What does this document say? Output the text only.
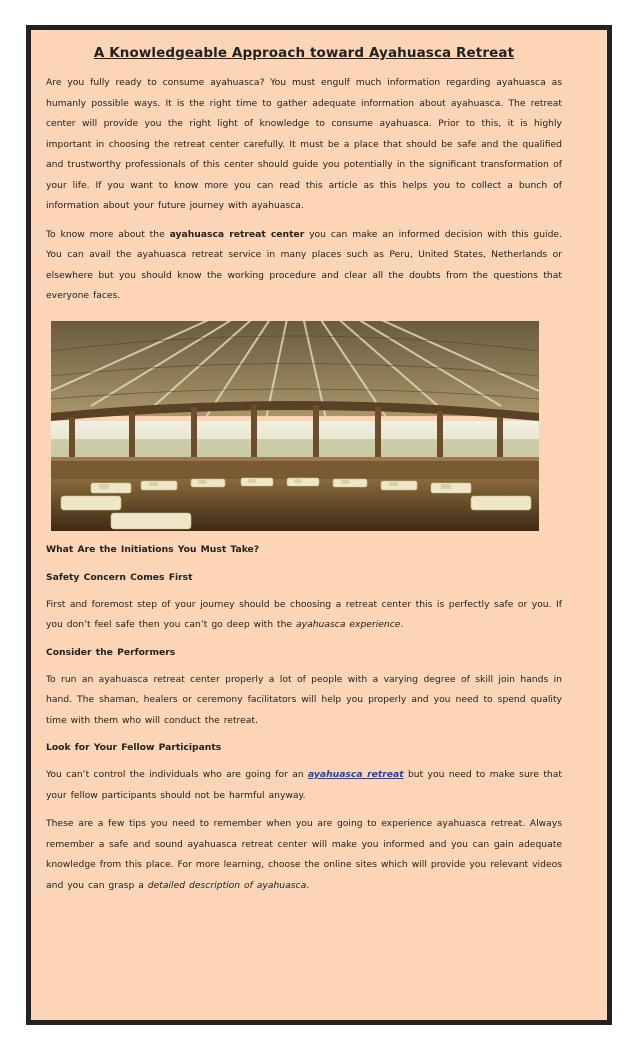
A Knowledgeable Approach toward Ayahuasca Retreat

Are you fully ready to consume ayahuasca? You must engulf much information regarding ayahuasca as humanly possible ways. It is the right time to gather adequate information about ayahuasca. The retreat center will provide you the right light of knowledge to consume ayahuasca. Prior to this, it is highly important in choosing the retreat center carefully. It must be a place that should be safe and the qualified and trustworthy professionals of this center should guide you potentially in the significant transformation of your life. If you want to know more you can read this article as this helps you to collect a bunch of information about your future journey with ayahuasca.

To know more about the ayahuasca retreat center you can make an informed decision with this guide. You can avail the ayahuasca retreat service in many places such as Peru, United States, Netherlands or elsewhere but you should know the working procedure and clear all the doubts from the questions that everyone faces.

What Are the Initiations You Must Take?

Safety Concern Comes First

First and foremost step of your journey should be choosing a retreat center this is perfectly safe or you. If you don’t feel safe then you can’t go deep with the ayahuasca experience.

Consider the Performers

To run an ayahuasca retreat center properly a lot of people with a varying degree of skill join hands in hand. The shaman, healers or ceremony facilitators will help you properly and you need to spend quality time with them who will conduct the retreat.

Look for Your Fellow Participants

You can’t control the individuals who are going for an ayahuasca retreat but you need to make sure that your fellow participants should not be harmful anyway.

These are a few tips you need to remember when you are going to experience ayahuasca retreat. Always remember a safe and sound ayahuasca retreat center will make you informed and you can gain adequate knowledge from this place. For more learning, choose the online sites which will provide you relevant videos and you can grasp a detailed description of ayahuasca.
